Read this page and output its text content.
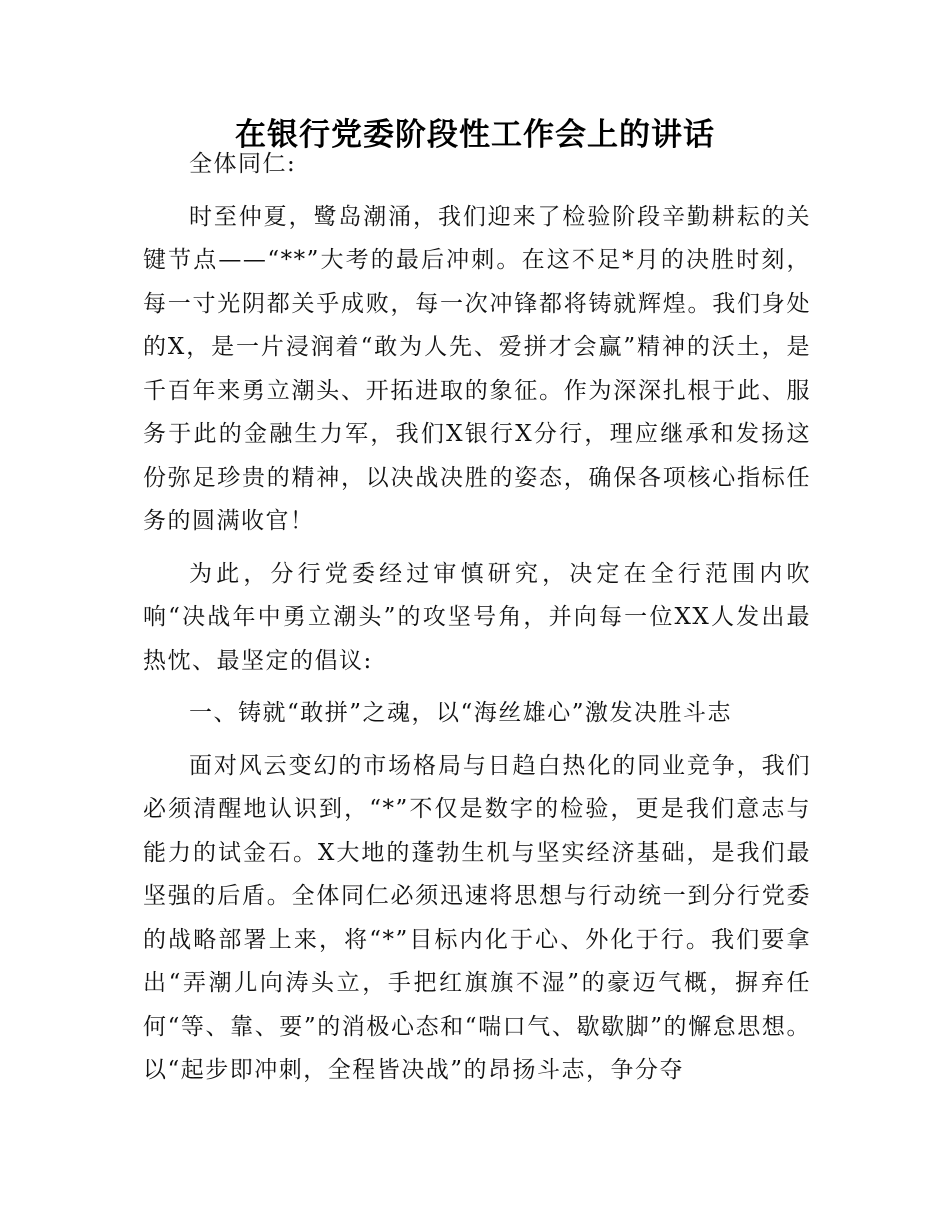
在银行党委阶段性工作会上的讲话

全体同仁:

时至仲夏，鹭岛潮涌，我们迎来了检验阶段辛勤耕耘的关键节点——“**”大考的最后冲刺。在这不足*月的决胜时刻，每一寸光阴都关乎成败，每一次冲锋都将铸就辉煌。我们身处的X，是一片浸润着“敢为人先、爱拼才会赢”精神的沃土，是千百年来勇立潮头、开拓进取的象征。作为深深扎根于此、服务于此的金融生力军，我们X银行X分行，理应继承和发扬这份弥足珍贵的精神，以决战决胜的姿态，确保各项核心指标任务的圆满收官！

为此，分行党委经过审慎研究，决定在全行范围内吹响“决战年中勇立潮头”的攻坚号角，并向每一位XX人发出最热忱、最坚定的倡议:

一、铸就“敢拼”之魂，以“海丝雄心”激发决胜斗志

面对风云变幻的市场格局与日趋白热化的同业竞争，我们必须清醒地认识到，“*”不仅是数字的检验，更是我们意志与能力的试金石。X大地的蓬勃生机与坚实经济基础，是我们最坚强的后盾。全体同仁必须迅速将思想与行动统一到分行党委的战略部署上来，将“*”目标内化于心、外化于行。我们要拿出“弄潮儿向涛头立，手把红旗旗不湿”的豪迈气概，摒弃任何“等、靠、要”的消极心态和“喘口气、歇歇脚”的懈怠思想。以“起步即冲刺，全程皆决战”的昂扬斗志，争分夺
